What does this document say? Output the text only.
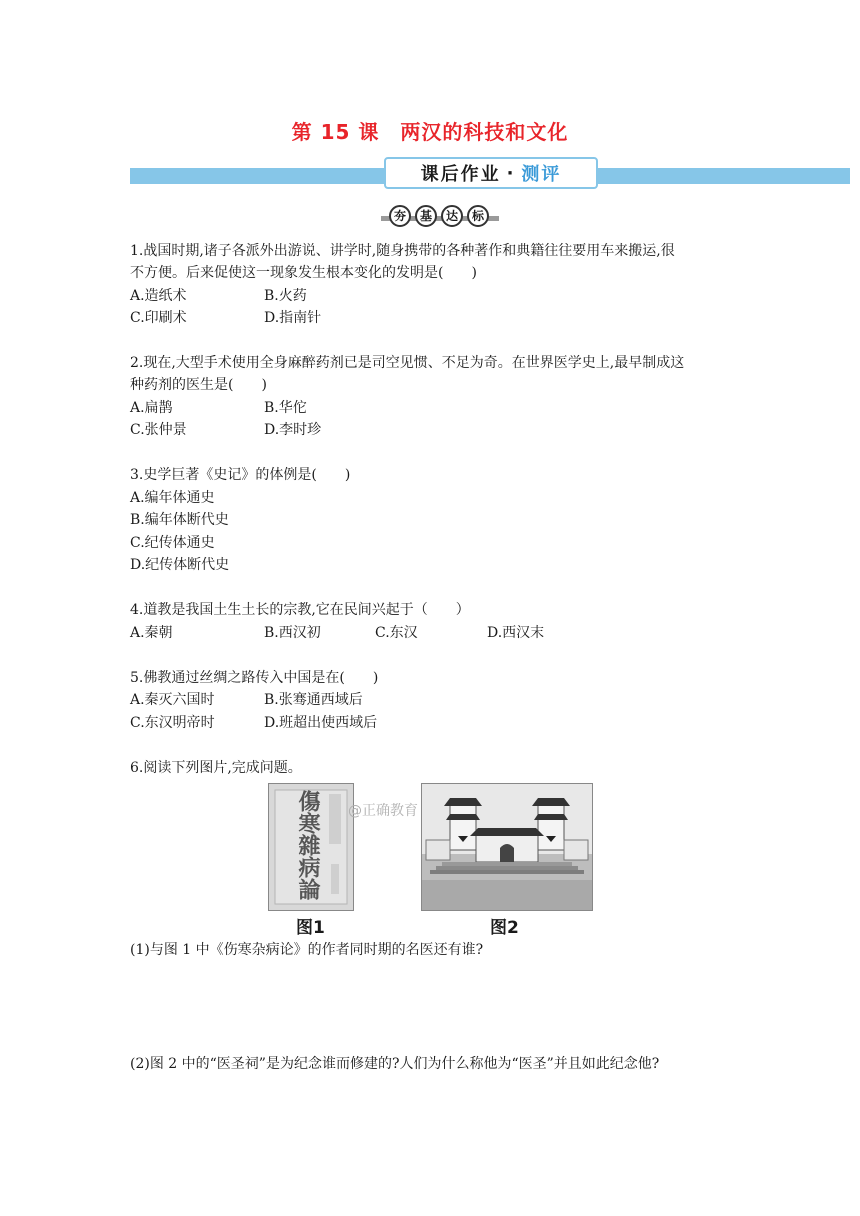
第 15 课　两汉的科技和文化
课后作业 · 测评
夯	基	达	标
1.战国时期,诸子各派外出游说、讲学时,随身携带的各种著作和典籍往往要用车来搬运,很
不方便。后来促使这一现象发生根本变化的发明是(　　)
A.造纸术	B.火药
C.印刷术	D.指南针
2.现在,大型手术使用全身麻醉药剂已是司空见惯、不足为奇。在世界医学史上,最早制成这
种药剂的医生是(　　)
A.扁鹊	B.华佗
C.张仲景	D.李时珍
3.史学巨著《史记》的体例是(　　)
A.编年体通史
B.编年体断代史
C.纪传体通史
D.纪传体断代史
4.道教是我国土生土长的宗教,它在民间兴起于（　　）
A.秦朝	B.西汉初	C.东汉	D.西汉末
5.佛教通过丝绸之路传入中国是在(　　)
A.秦灭六国时	B.张骞通西域后
C.东汉明帝时	D.班超出使西域后
6.阅读下列图片,完成问题。
傷寒雜病論 @正确教育
图1	图2
(1)与图 1 中《伤寒杂病论》的作者同时期的名医还有谁?
(2)图 2 中的“医圣祠”是为纪念谁而修建的?人们为什么称他为“医圣”并且如此纪念他?
